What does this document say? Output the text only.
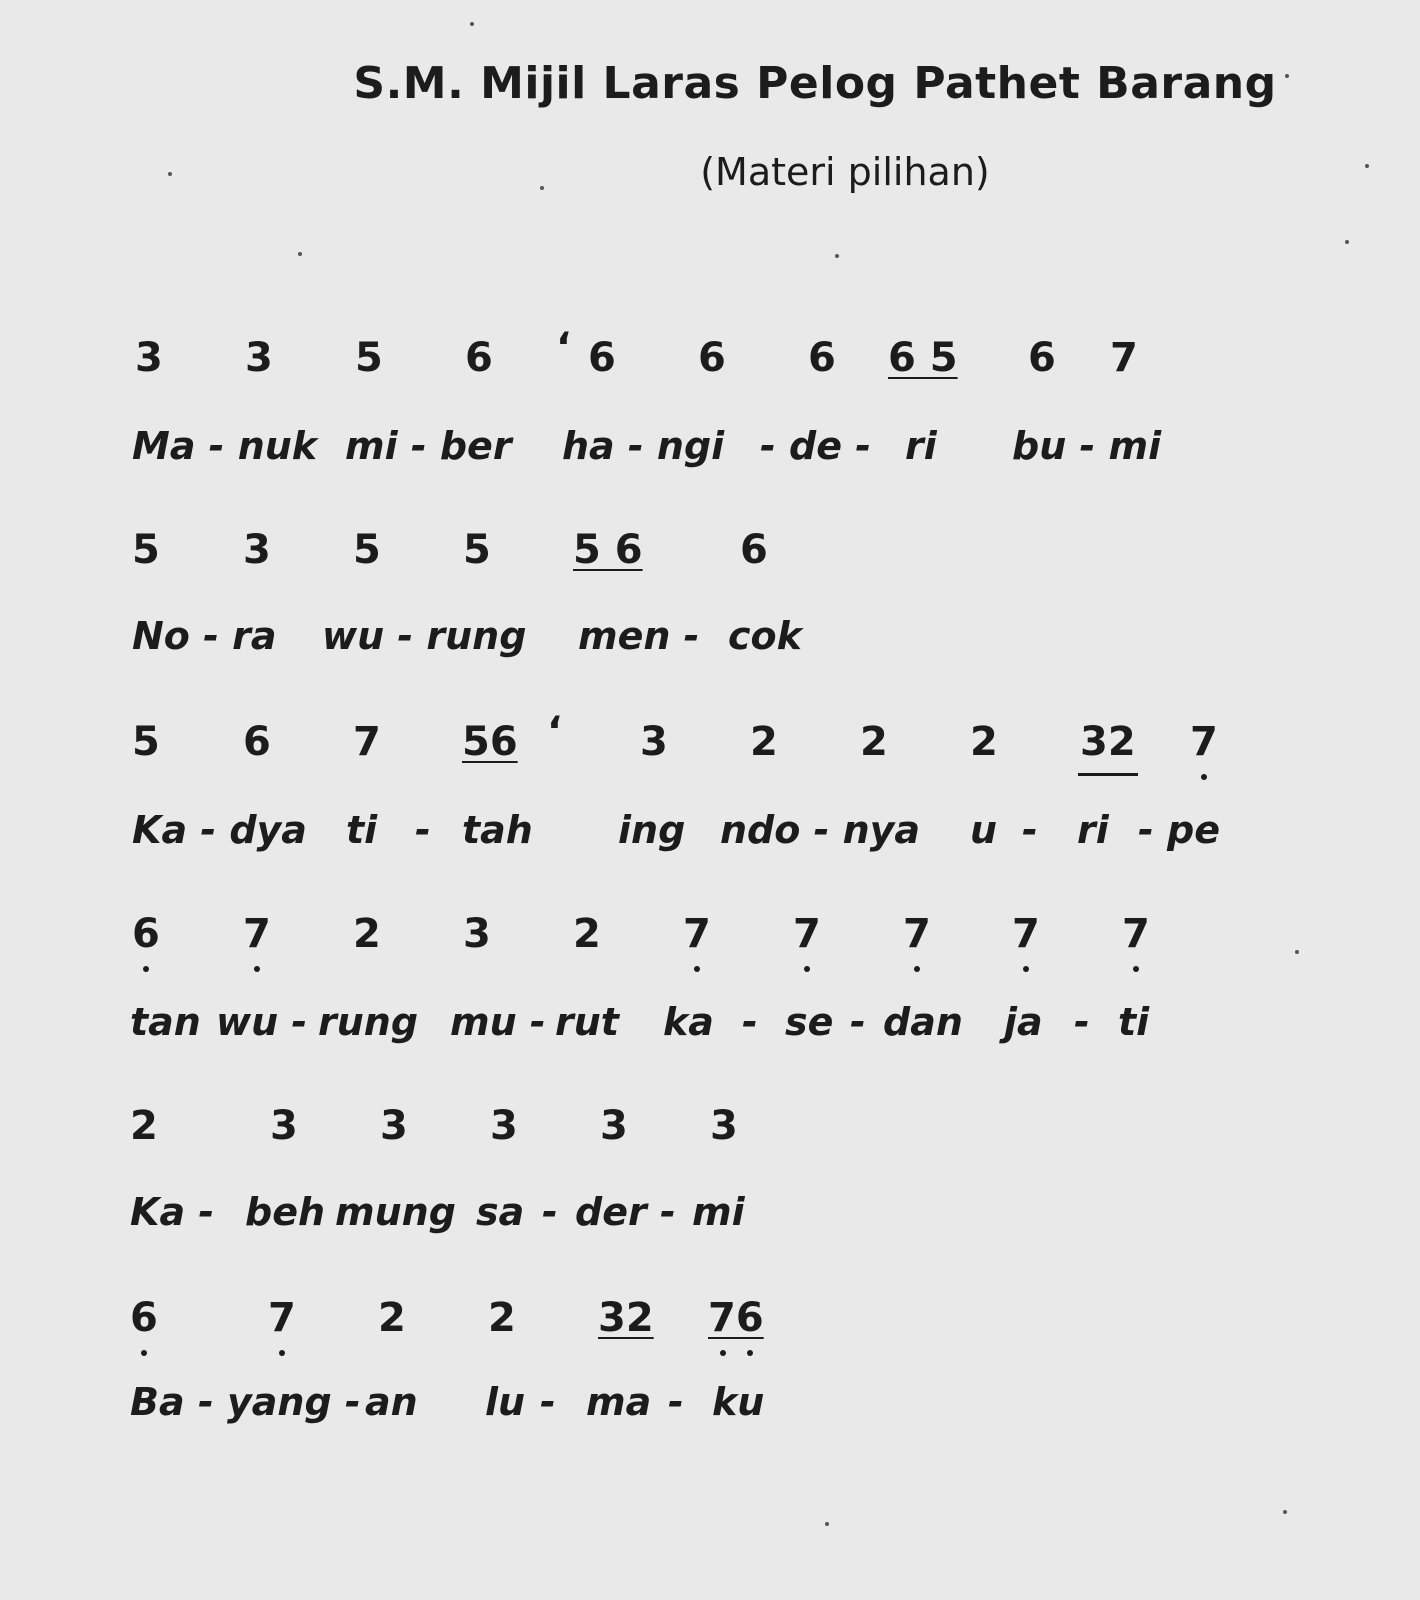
S.M. Mijil Laras Pelog Pathet Barang
(Materi pilihan)
3 3 5 6 ‘ 6 6 6 6 5 6 7
Ma - nuk mi - ber ha - ngi - de - ri bu - mi
5 3 5 5 5 6 6
No - ra wu - rung men - cok
5 6 7 56 ‘ 3 2 2 2 32 7
Ka - dya ti - tah ing ndo - nya u - ri - pe
6 7 2 3 2 7 7 7 7 7
tan wu - rung mu - rut ka - se - dan ja - ti
2	3 3 3 3 3
Ka - beh mung sa - der - mi
6	7 2 2 32 76
Ba - yang - an lu - ma - ku
